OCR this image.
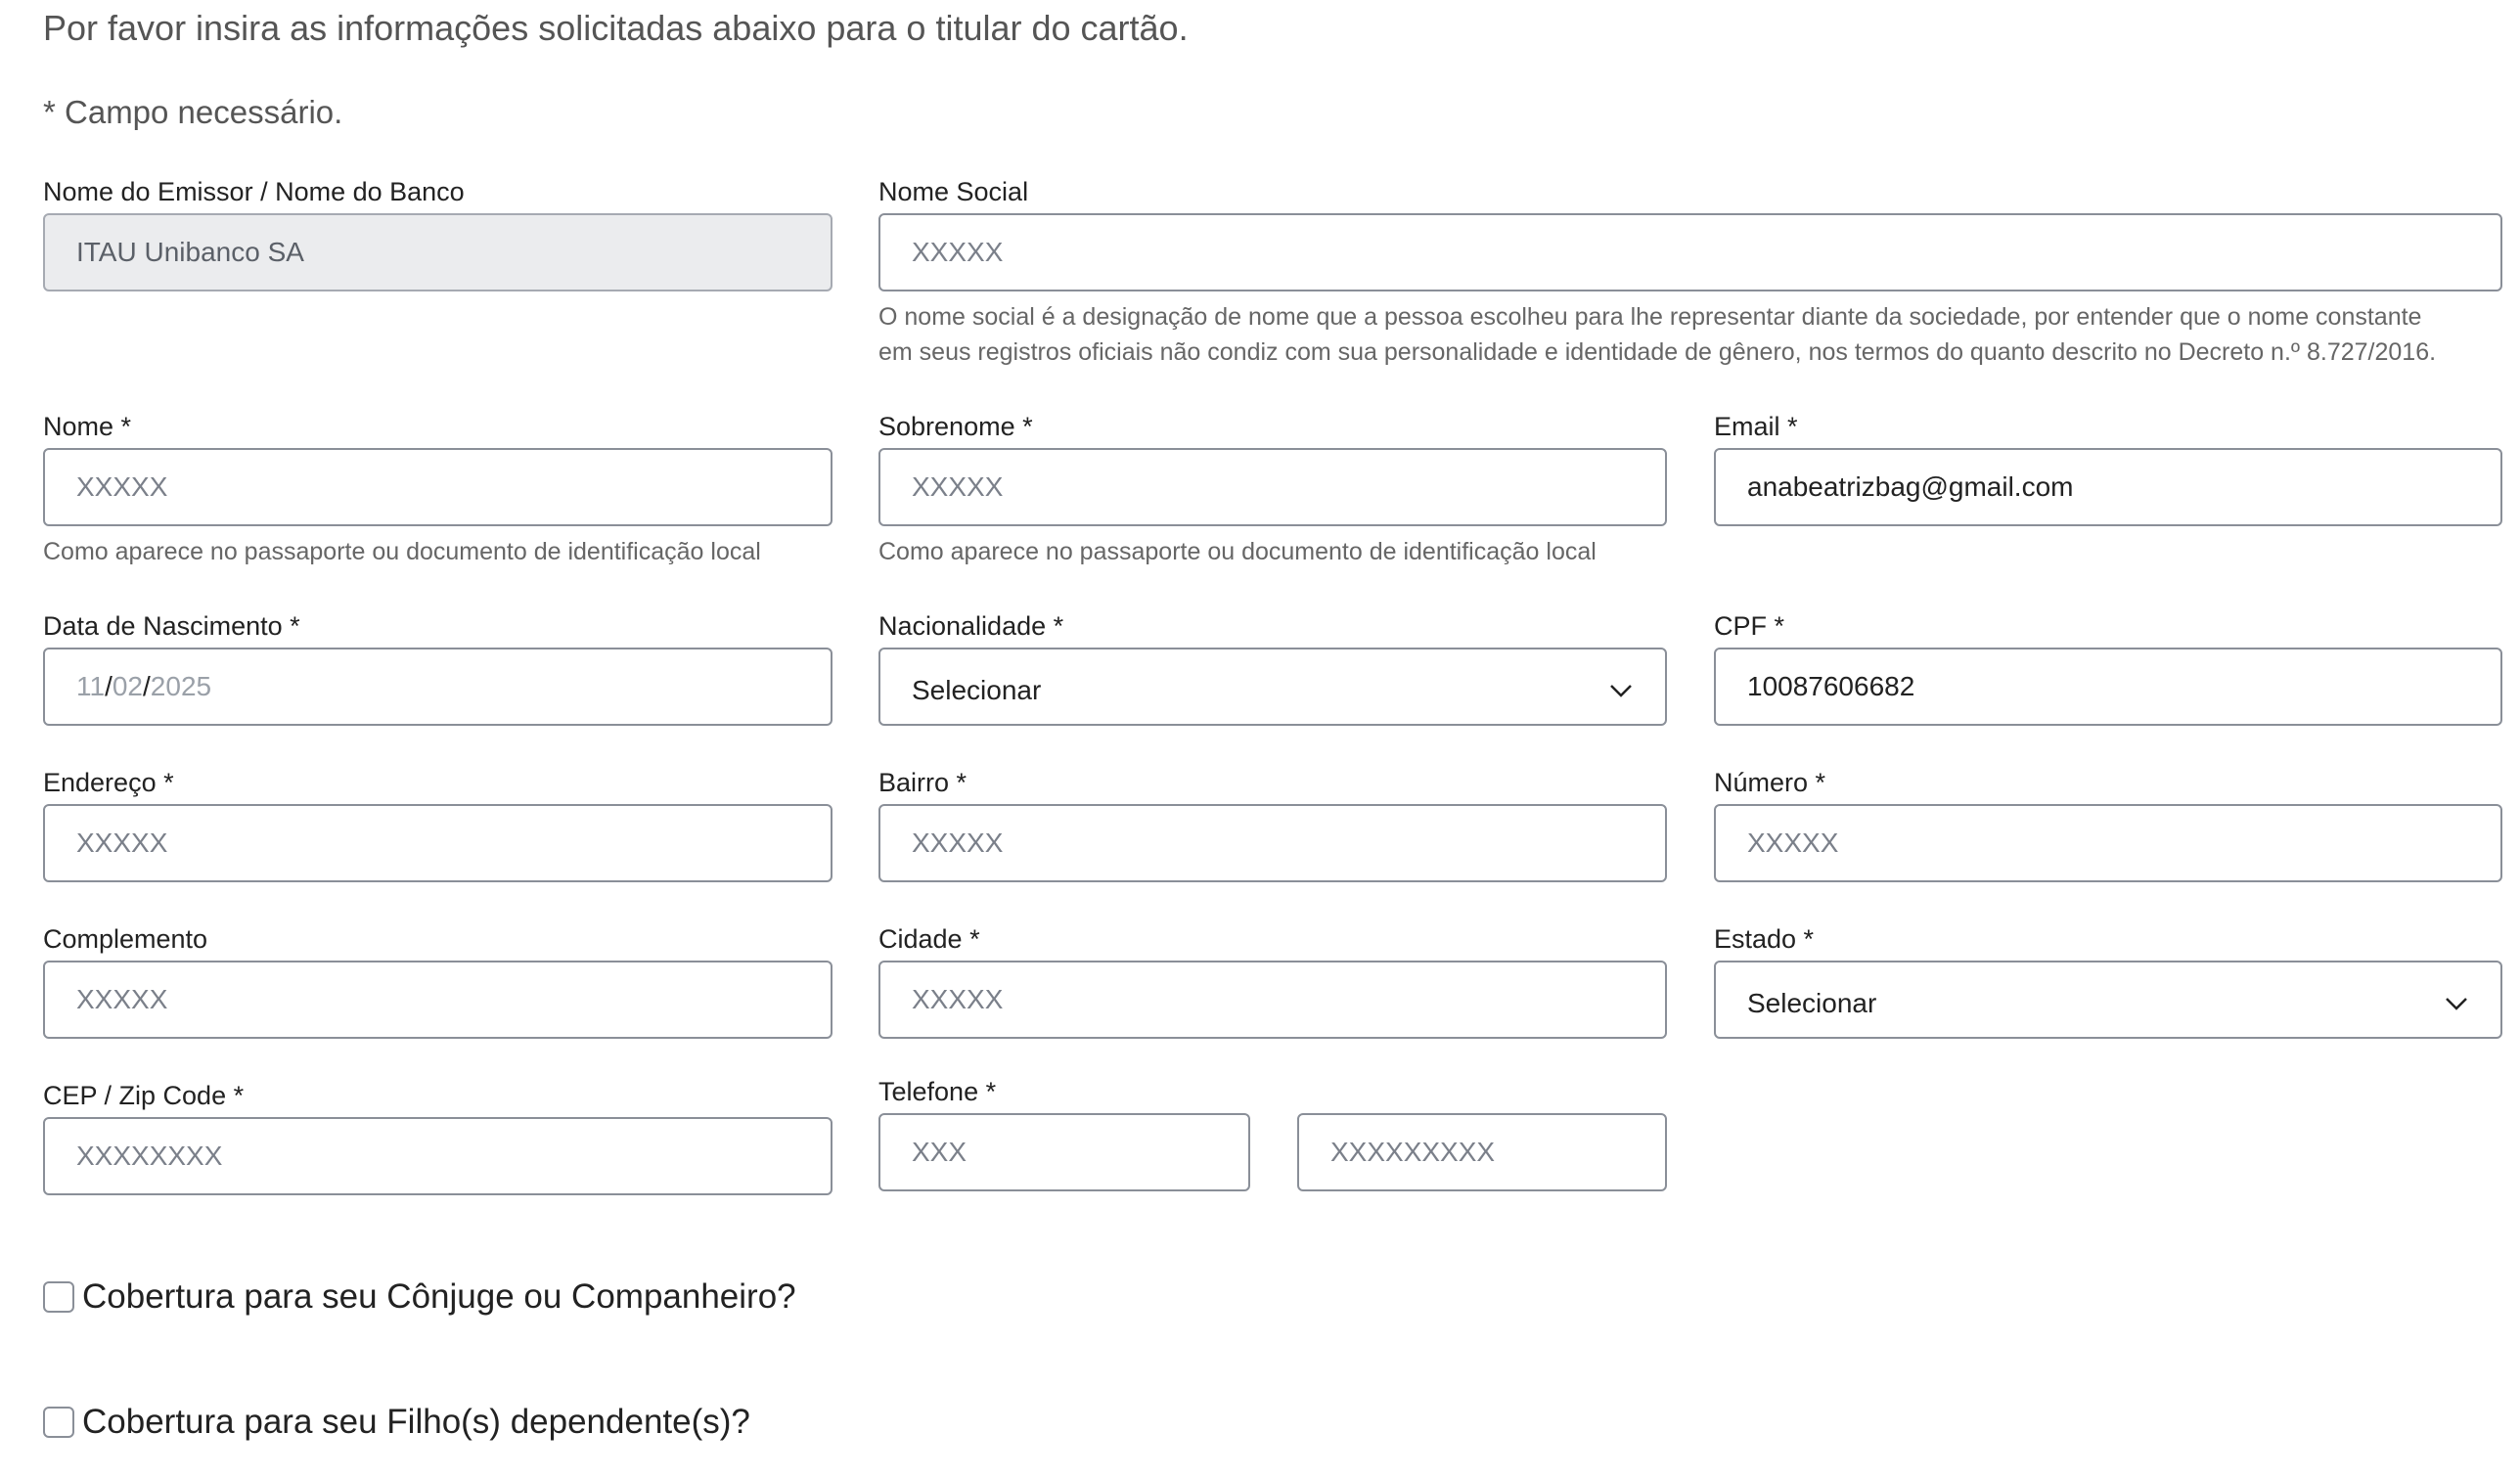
Por favor insira as informações solicitadas abaixo para o titular do cartão.
* Campo necessário.
Nome do Emissor / Nome do Banco
ITAU Unibanco SA
Nome Social
XXXXX
O nome social é a designação de nome que a pessoa escolheu para lhe representar diante da sociedade, por entender que o nome constante
em seus registros oficiais não condiz com sua personalidade e identidade de gênero, nos termos do quanto descrito no Decreto n.º 8.727/2016.
Nome *
XXXXX
Como aparece no passaporte ou documento de identificação local
Sobrenome *
XXXXX
Como aparece no passaporte ou documento de identificação local
Email *
anabeatrizbag@gmail.com
Data de Nascimento *
11 / 02 / 2025
Nacionalidade *
Selecionar
CPF *
10087606682
Endereço *
XXXXX
Bairro *
XXXXX
Número *
XXXXX
Complemento
XXXXX
Cidade *
XXXXX
Estado *
Selecionar
CEP / Zip Code *
XXXXXXXX
Telefone *
XXX	XXXXXXXXX
Cobertura para seu Cônjuge ou Companheiro?
Cobertura para seu Filho(s) dependente(s)?
